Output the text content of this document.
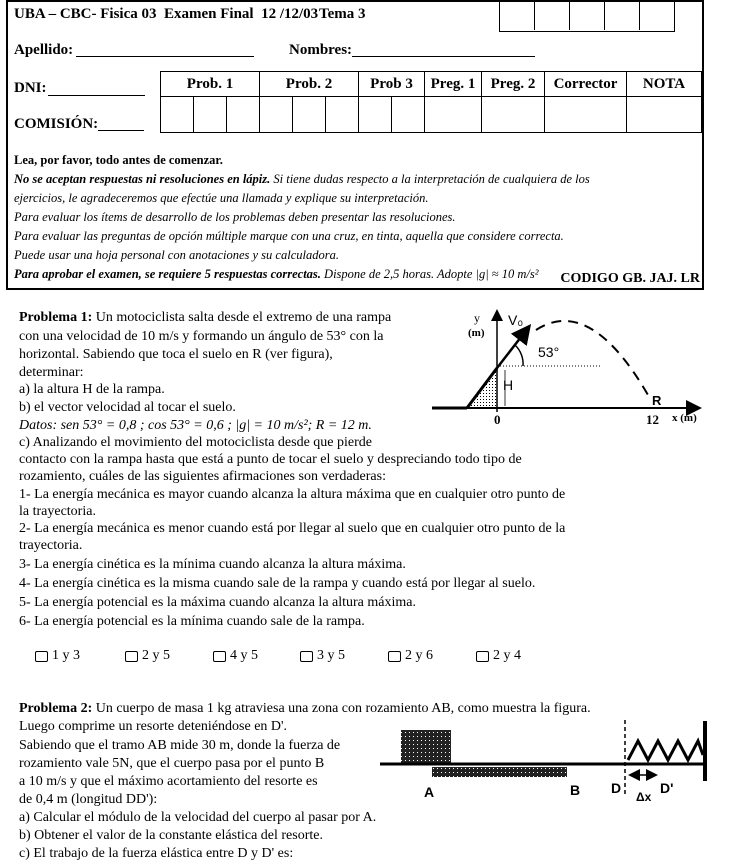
UBA – CBC- Fisica 03  Examen Final  12 /12/03 Tema 3
Apellido:	Nombres:
DNI:
COMISIÓN:
Prob. 1			Prob. 2			Prob 3		Preg. 1	Preg. 2	Corrector	NOTA

Lea, por favor, todo antes de comenzar.

No se aceptan respuestas ni resoluciones en lápiz. Si tiene dudas respecto a la interpretación de cualquiera de los

ejercicios, le agradeceremos que efectúe una llamada y explique su interpretación.

Para evaluar los ítems de desarrollo de los problemas deben presentar las resoluciones.

Para evaluar las preguntas de opción múltiple marque con una cruz, en tinta, aquella que considere correcta.

Puede usar una hoja personal con anotaciones y su calculadora.

Para aprobar el examen, se requiere 5 respuestas correctas. Dispone de 2,5 horas. Adopte |g| ≈ 10 m/s²	CODIGO GB. JAJ. LR
Problema 1: Un motociclista salta desde el extremo de una rampa
con una velocidad de 10 m/s y formando un ángulo de 53° con la
horizontal. Sabiendo que toca el suelo en R (ver figura),
determinar:
a) la altura H de la rampa.
b) el vector velocidad al tocar el suelo.
Datos: sen 53° = 0,8 ; cos 53° = 0,6 ; |g| = 10 m/s²; R = 12 m.
c) Analizando el movimiento del motociclista desde que pierde
contacto con la rampa hasta que está a punto de tocar el suelo y despreciando todo tipo de
rozamiento, cuáles de las siguientes afirmaciones son verdaderas:
1- La energía mecánica es mayor cuando alcanza la altura máxima que en cualquier otro punto de
la trayectoria.
2- La energía mecánica es menor cuando está por llegar al suelo que en cualquier otro punto de la
trayectoria.
3- La energía cinética es la mínima cuando alcanza la altura máxima.
4- La energía cinética es la misma cuando sale de la rampa y cuando está por llegar al suelo.
5- La energía potencial es la máxima cuando alcanza la altura máxima.
6- La energía potencial es la mínima cuando sale de la rampa.
1 y 3	2 y 5	4 y 5	3 y 5	2 y 6	2 y 4
y
(m)
V₀
53°
H
R
0	12 x (m)
Problema 2: Un cuerpo de masa 1 kg atraviesa una zona con rozamiento AB, como muestra la figura.
Luego comprime un resorte deteniéndose en D'.
Sabiendo que el tramo AB mide 30 m, donde la fuerza de
rozamiento vale 5N, que el cuerpo pasa por el punto B
a 10 m/s y que el máximo acortamiento del resorte es
de 0,4 m (longitud DD'):
a) Calcular el módulo de la velocidad del cuerpo al pasar por A.
b) Obtener el valor de la constante elástica del resorte.
c) El trabajo de la fuerza elástica entre D y D' es:
A	B D	D'
Δx
